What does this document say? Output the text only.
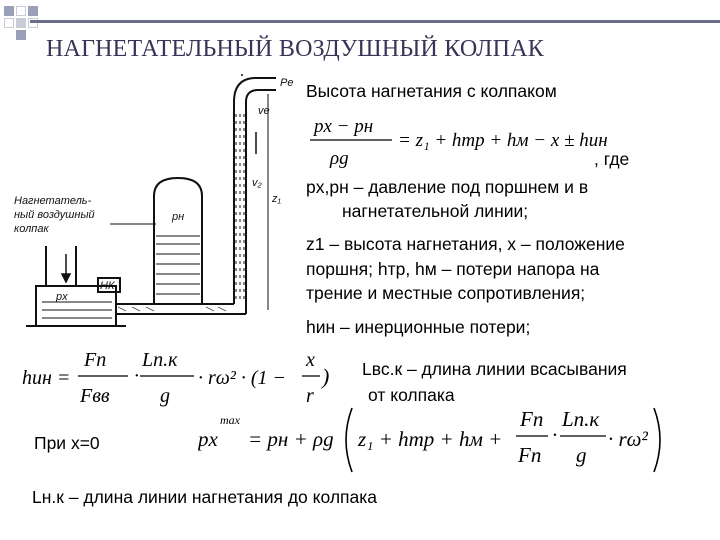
НАГНЕТАТЕЛЬНЫЙ ВОЗДУШНЫЙ КОЛПАК
Нагнетатель-
ный воздушный
колпак
vе
v₂
z₁
pн
pх
НК
Pе Высота нагнетания с колпаком
pх − pн
ρg
= z₁ + hтр + hм − x ± hин
, где
pх,pн – давление под поршнем и в
нагнетательной линии;
z1 – высота нагнетания, x – положение
поршня; hтр, hм – потери напора на
трение и местные сопротивления;
hин – инерционные потери;
hин =
Fn
Fвв
·
Lп.к
g
· rω² · (1 −
x
r
) Lвс.к – длина линии всасывания
от колпака
При x=0	pх
max
= pн + ρg z₁ + hтр + hм +
Fn
Fп
·
Lп.к
g
· rω²
Lн.к – длина линии нагнетания до колпака
